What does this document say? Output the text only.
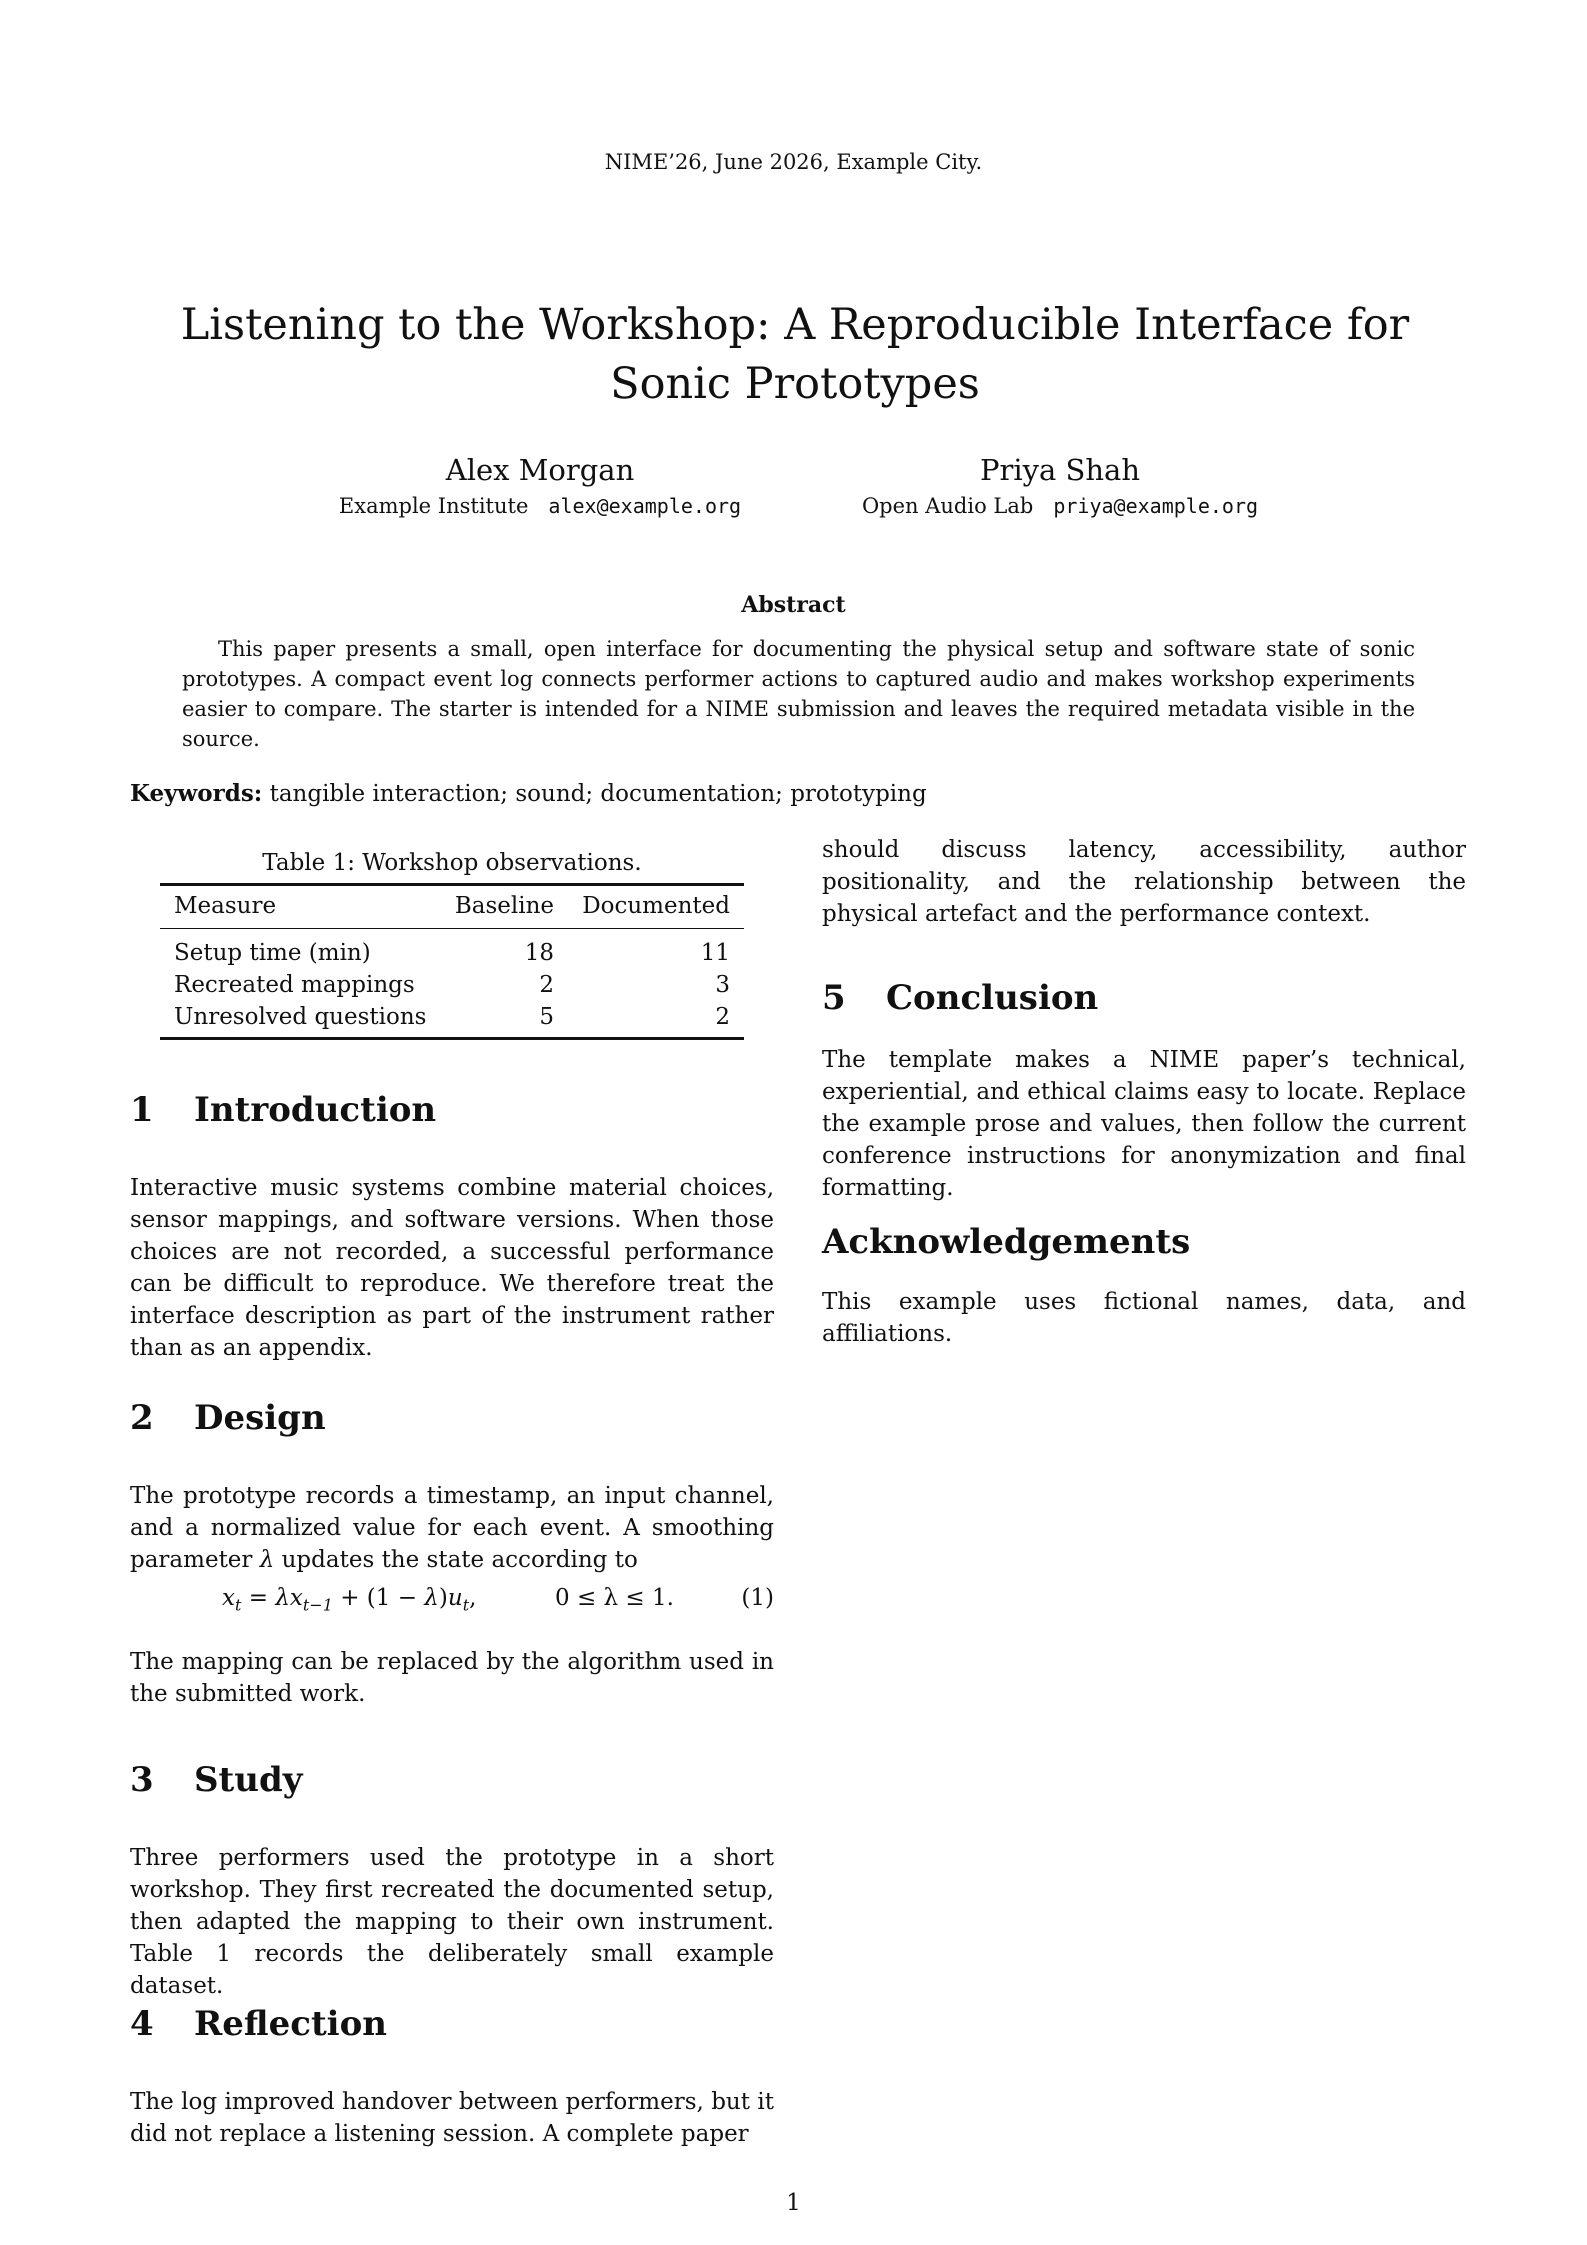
NIME’26, June 2026, Example City.
Listening to the Workshop: A Reproducible Interface for Sonic Prototypes
Alex Morgan
Example Institute alex@example.org
Priya Shah
Open Audio Lab priya@example.org
Abstract
This paper presents a small, open interface for documenting the physical setup and software state of sonic prototypes. A compact event log connects performer actions to captured audio and makes workshop experiments easier to compare. The starter is intended for a NIME submission and leaves the required metadata visible in the source.
Keywords: tangible interaction; sound; documentation; prototyping
Table 1: Workshop observations.
Measure	Baseline	Documented
Setup time (min)	18	11
Recreated mappings	2	3
Unresolved questions	5	2
1 Introduction

Interactive music systems combine material choices, sensor mappings, and software versions. When those choices are not recorded, a successful performance can be difficult to reproduce. We therefore treat the interface description as part of the instrument rather than as an appendix.

2 Design

The prototype records a timestamp, an input channel, and a normalized value for each event. A smoothing parameter λ updates the state according to

$x_t = \lambda x_{t-1} + (1 - \lambda)u_t$,	0 ≤ λ ≤ 1.	(1)

The mapping can be replaced by the algorithm used in the submitted work.

3 Study

Three performers used the prototype in a short workshop. They first recreated the documented setup, then adapted the mapping to their own instrument. Table 1 records the deliberately small example dataset.

4 Reflection

The log improved handover between performers, but it did not replace a listening session. A complete paper

should discuss latency, accessibility, author positionality, and the relationship between the physical artefact and the performance context.

5 Conclusion

The template makes a NIME paper’s technical, experiential, and ethical claims easy to locate. Replace the example prose and values, then follow the current conference instructions for anonymization and final formatting.

Acknowledgements

This example uses fictional names, data, and affiliations.

1
